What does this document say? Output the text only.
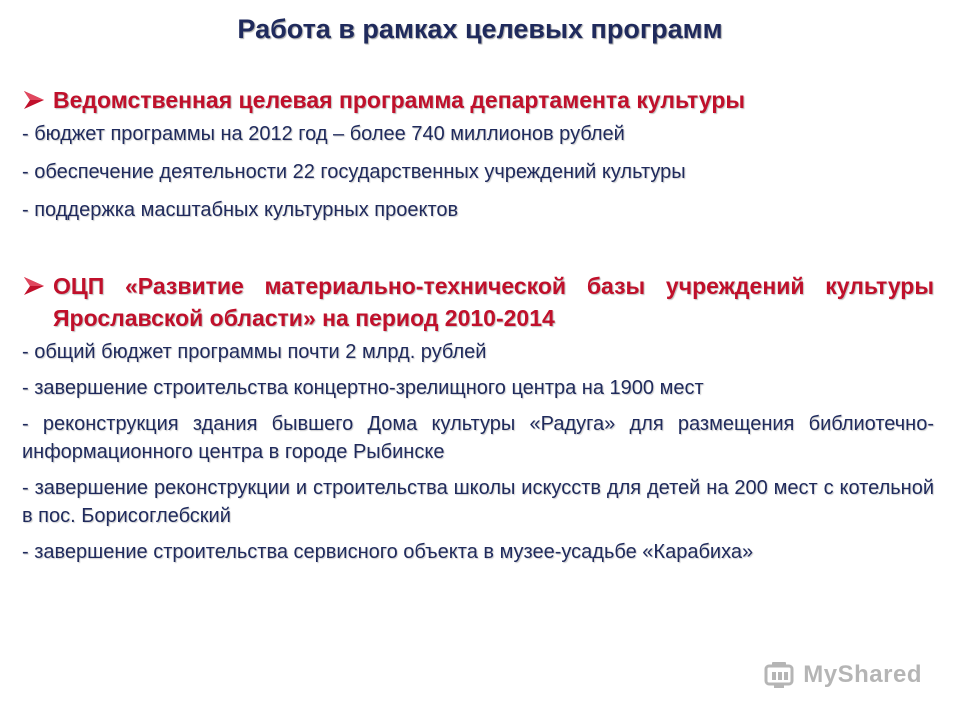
Работа в рамках целевых программ
Ведомственная целевая программа департамента культуры
- бюджет программы на 2012 год – более 740 миллионов рублей
- обеспечение деятельности 22 государственных учреждений культуры
- поддержка масштабных культурных проектов
ОЦП «Развитие материально-технической базы учреждений культуры Ярославской области» на период 2010-2014
- общий бюджет программы почти 2 млрд. рублей
- завершение строительства концертно-зрелищного центра на 1900 мест
- реконструкция здания бывшего Дома культуры «Радуга» для размещения библиотечно-информационного центра в городе Рыбинске
- завершение реконструкции и строительства школы искусств для детей на 200 мест с котельной в пос. Борисоглебский
- завершение строительства сервисного объекта в музее-усадьбе «Карабиха»
MyShared
